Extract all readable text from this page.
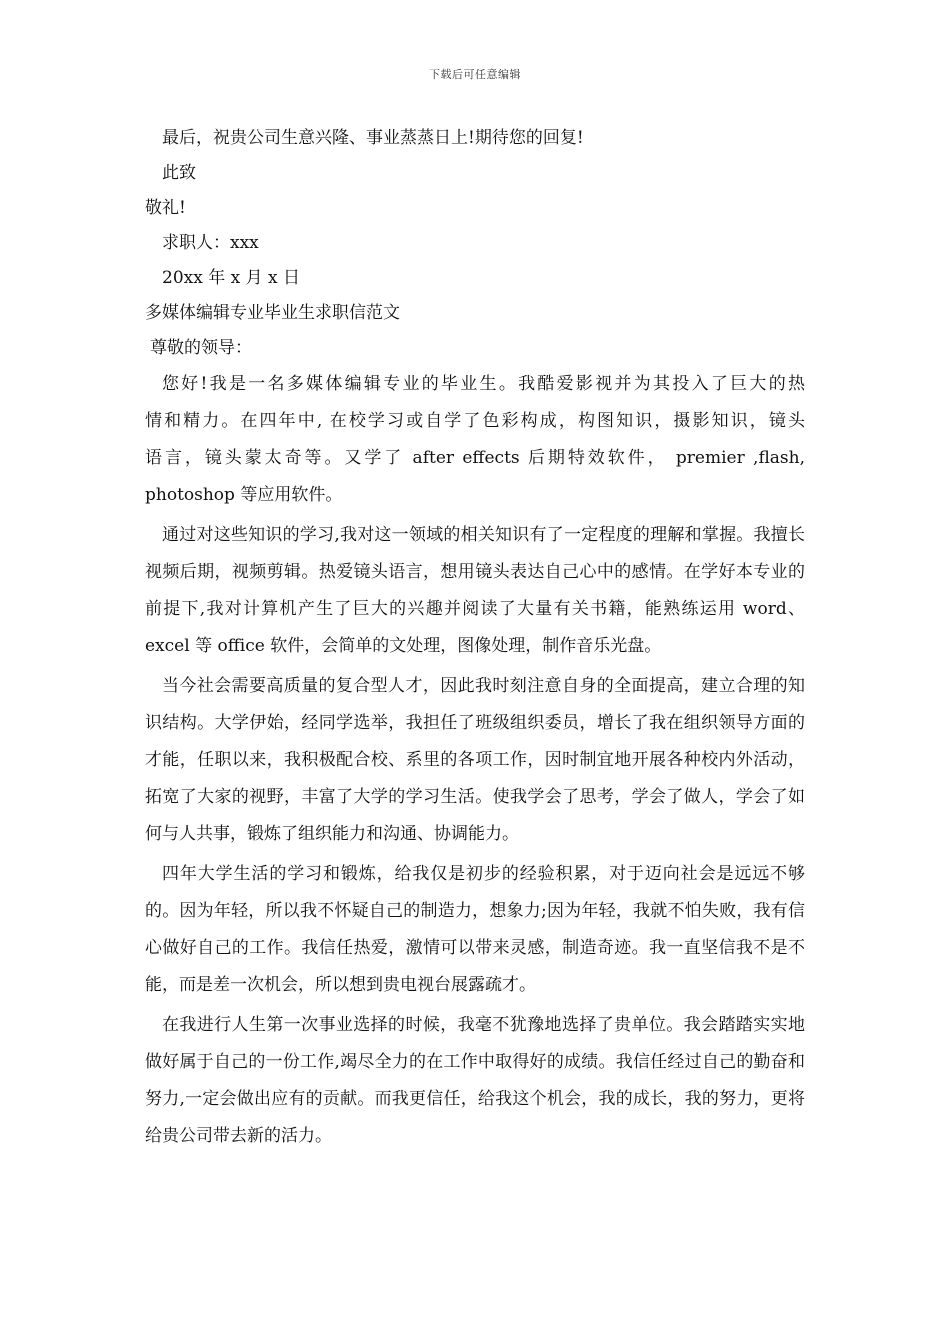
下载后可任意编辑

最后，祝贵公司生意兴隆、事业蒸蒸日上!期待您的回复!

此致

敬礼!

求职人：xxx

20xx 年 x 月 x 日

多媒体编辑专业毕业生求职信范文

尊敬的领导：

您好!我是一名多媒体编辑专业的毕业生。我酷爱影视并为其投入了巨大的热
情和精力。在四年中, 在校学习或自学了色彩构成，构图知识，摄影知识，镜头
语言，镜头蒙太奇等。又学了 after effects 后期特效软件， premier ,flash,
photoshop 等应用软件。

通过对这些知识的学习,我对这一领域的相关知识有了一定程度的理解和掌握。我擅长视频后期，视频剪辑。热爱镜头语言，想用镜头表达自己心中的感情。在学好本专业的前提下,我对计算机产生了巨大的兴趣并阅读了大量有关书籍，能熟练运用 word、excel 等 office 软件，会简单的文处理，图像处理，制作音乐光盘。

当今社会需要高质量的复合型人才，因此我时刻注意自身的全面提高，建立合理的知识结构。大学伊始，经同学选举，我担任了班级组织委员，增长了我在组织领导方面的才能，任职以来，我积极配合校、系里的各项工作，因时制宜地开展各种校内外活动，拓宽了大家的视野，丰富了大学的学习生活。使我学会了思考，学会了做人，学会了如何与人共事，锻炼了组织能力和沟通、协调能力。

四年大学生活的学习和锻炼，给我仅是初步的经验积累，对于迈向社会是远远不够的。因为年轻，所以我不怀疑自己的制造力，想象力;因为年轻，我就不怕失败，我有信心做好自己的工作。我信任热爱，激情可以带来灵感，制造奇迹。我一直坚信我不是不能，而是差一次机会，所以想到贵电视台展露疏才。

在我进行人生第一次事业选择的时候，我毫不犹豫地选择了贵单位。我会踏踏实实地做好属于自己的一份工作,竭尽全力的在工作中取得好的成绩。我信任经过自己的勤奋和努力,一定会做出应有的贡献。而我更信任，给我这个机会，我的成长，我的努力，更将给贵公司带去新的活力。
